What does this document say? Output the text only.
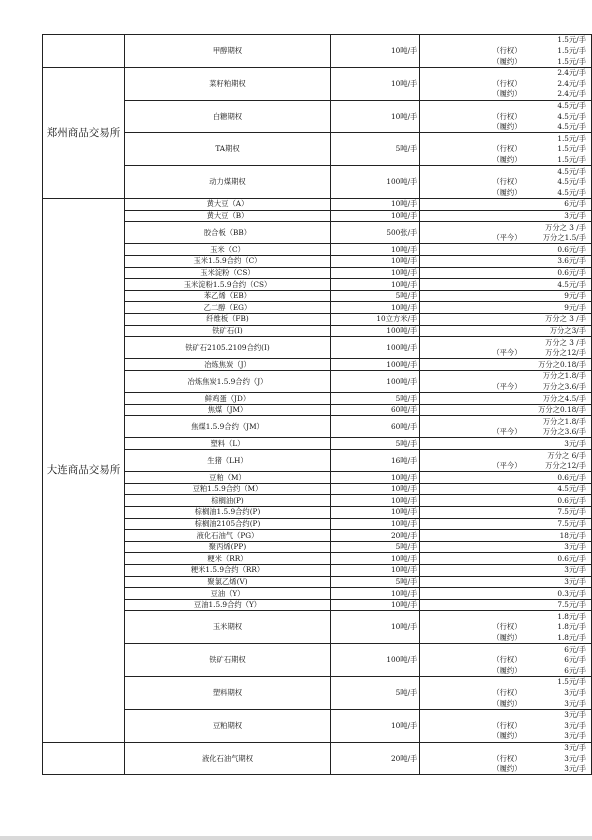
	甲醇期权	10吨/手	1.5元/手
（行权） 1.5元/手
（履约） 1.5元/手

郑州商品交易所	菜籽粕期权	10吨/手	2.4元/手
（行权） 2.4元/手
（履约） 2.4元/手

	白糖期权	10吨/手	4.5元/手
（行权） 4.5元/手
（履约） 4.5元/手

	TA期权	5吨/手	1.5元/手
（行权） 1.5元/手
（履约） 1.5元/手

	动力煤期权	100吨/手	4.5元/手
（行权） 4.5元/手
（履约） 4.5元/手

大连商品交易所	黄大豆（A）	10吨/手	6元/手

	黄大豆（B）	10吨/手	3元/手

	胶合板（BB）	500张/手	万分之 3 /手
（平今） 万分之1.5/手

	玉米（C）	10吨/手	0.6元/手

	玉米1.5.9合约（C）	10吨/手	3.6元/手

	玉米淀粉（CS）	10吨/手	0.6元/手

	玉米淀粉1.5.9合约（CS）	10吨/手	4.5元/手

	苯乙烯（EB）	5吨/手	9元/手

	乙二醇（EG）	10吨/手	9元/手

	纤维板（FB)	10立方米/手	万分之 3 /手

	铁矿石(I)	100吨/手	万分之3/手

	铁矿石2105.2109合约(I)	100吨/手	万分之 3 /手
（平今） 万分之12/手

	冶炼焦炭（J）	100吨/手	万分之0.18/手

	冶炼焦炭1.5.9合约（J）	100吨/手	万分之1.8/手
（平今） 万分之3.6/手

	鲜鸡蛋（JD）	5吨/手	万分之4.5/手

	焦煤（JM）	60吨/手	万分之0.18/手

	焦煤1.5.9合约（JM）	60吨/手	万分之1.8/手
（平今） 万分之3.6/手

	塑料（L）	5吨/手	3元/手

	生猪（LH）	16吨/手	万分之 6/手
（平今） 万分之12/手

	豆粕（M）	10吨/手	0.6元/手

	豆粕1.5.9合约（M）	10吨/手	4.5元/手

	棕榈油(P)	10吨/手	0.6元/手

	棕榈油1.5.9合约(P)	10吨/手	7.5元/手

	棕榈油2105合约(P)	10吨/手	7.5元/手

	液化石油气（PG）	20吨/手	18元/手

	聚丙烯(PP)	5吨/手	3元/手

	粳米（RR）	10吨/手	0.6元/手

	粳米1.5.9合约（RR）	10吨/手	3元/手

	聚氯乙烯(V)	5吨/手	3元/手

	豆油（Y）	10吨/手	0.3元/手

	豆油1.5.9合约（Y）	10吨/手	7.5元/手

	玉米期权	10吨/手	1.8元/手
（行权） 1.8元/手
（履约） 1.8元/手

	铁矿石期权	100吨/手	6元/手
（行权） 6元/手
（履约） 6元/手

	塑料期权	5吨/手	1.5元/手
（行权） 3元/手
（履约） 3元/手

	豆粕期权	10吨/手	3元/手
（行权） 3元/手
（履约） 3元/手

	液化石油气期权	20吨/手	3元/手
（行权） 3元/手
（履约） 3元/手
